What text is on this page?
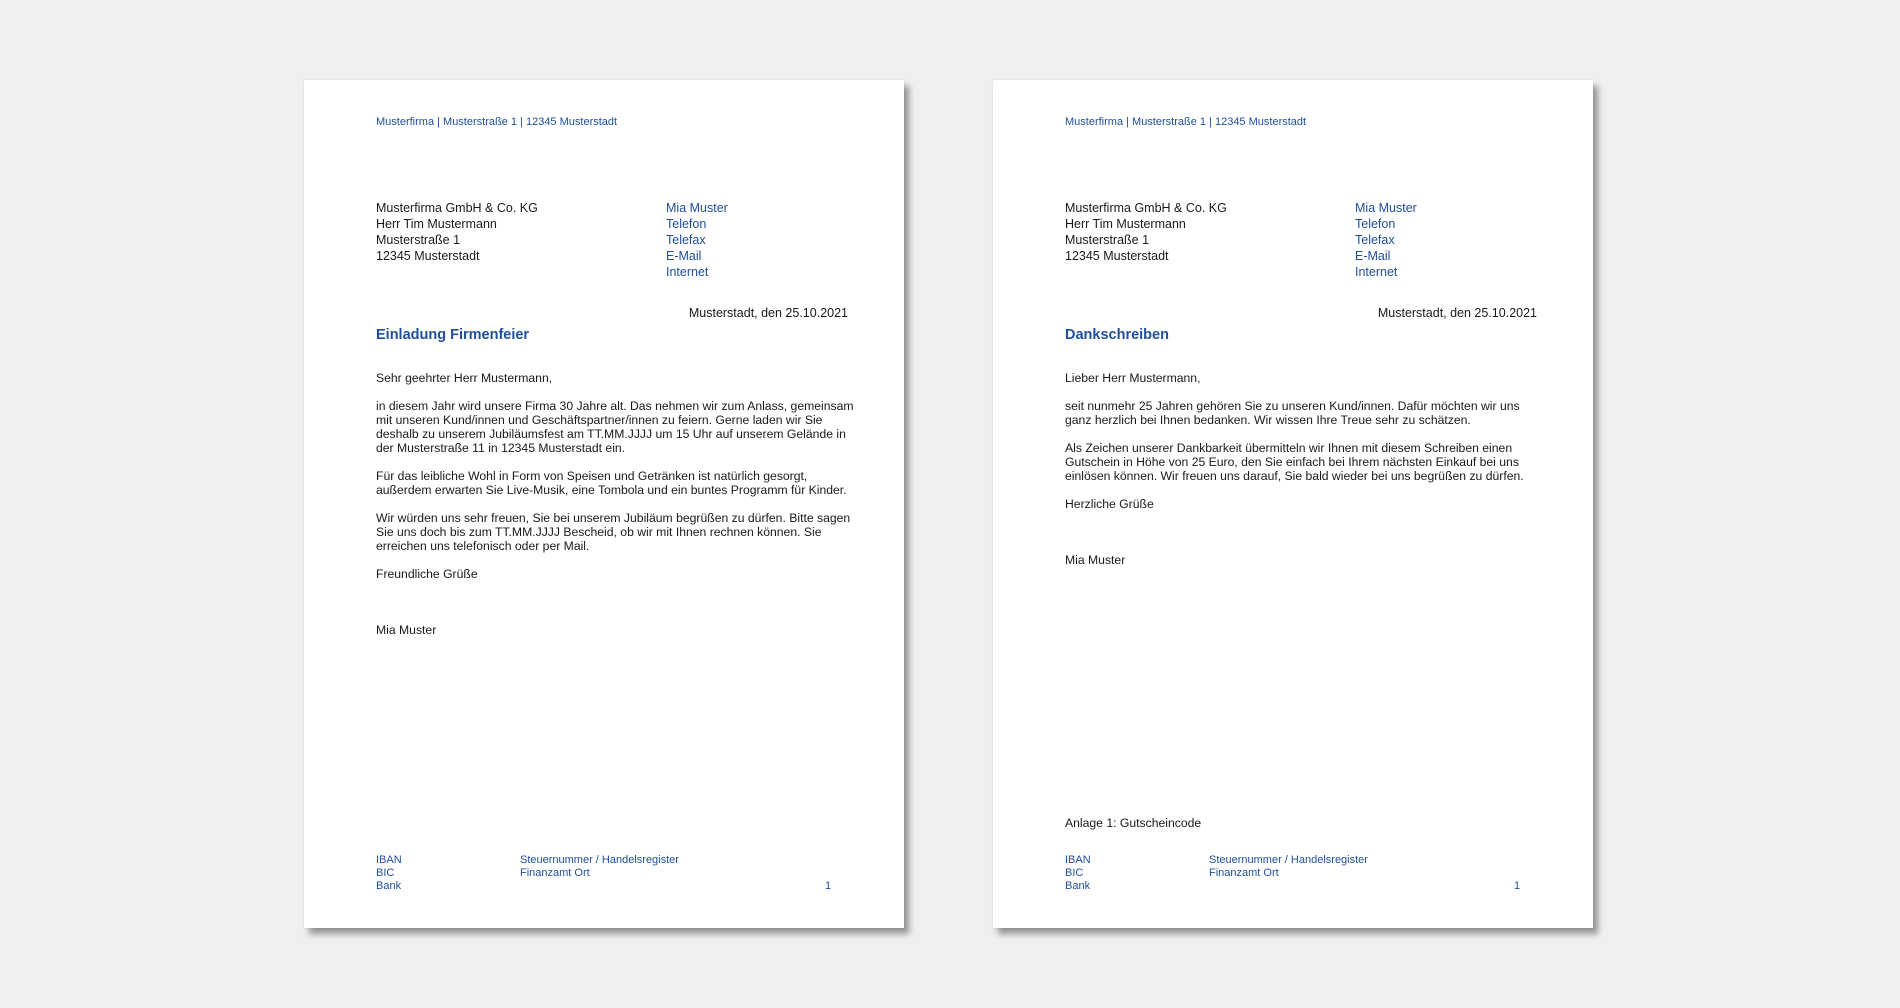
Musterfirma | Musterstraße 1 | 12345 Musterstadt
Musterfirma GmbH & Co. KG
Herr Tim Mustermann
Musterstraße 1
12345 Musterstadt
Mia Muster
Telefon
Telefax
E-Mail
Internet
Musterstadt, den 25.10.2021
Einladung Firmenfeier

Sehr geehrter Herr Mustermann,

in diesem Jahr wird unsere Firma 30 Jahre alt. Das nehmen wir zum Anlass, gemeinsam mit unseren Kund/innen und Geschäftspartner/innen zu feiern. Gerne laden wir Sie deshalb zu unserem Jubiläumsfest am TT.MM.JJJJ um 15 Uhr auf unserem Gelände in der Musterstraße 11 in 12345 Musterstadt ein.

Für das leibliche Wohl in Form von Speisen und Getränken ist natürlich gesorgt, außerdem erwarten Sie Live-Musik, eine Tombola und ein buntes Programm für Kinder.

Wir würden uns sehr freuen, Sie bei unserem Jubiläum begrüßen zu dürfen. Bitte sagen Sie uns doch bis zum TT.MM.JJJJ Bescheid, ob wir mit Ihnen rechnen können. Sie erreichen uns telefonisch oder per Mail.

Freundliche Grüße

Mia Muster

IBAN
BIC
Bank
Steuernummer / Handelsregister
Finanzamt Ort
1
Musterfirma | Musterstraße 1 | 12345 Musterstadt
Musterfirma GmbH & Co. KG
Herr Tim Mustermann
Musterstraße 1
12345 Musterstadt
Mia Muster
Telefon
Telefax
E-Mail
Internet
Musterstadt, den 25.10.2021
Dankschreiben

Lieber Herr Mustermann,

seit nunmehr 25 Jahren gehören Sie zu unseren Kund/innen. Dafür möchten wir uns ganz herzlich bei Ihnen bedanken. Wir wissen Ihre Treue sehr zu schätzen.

Als Zeichen unserer Dankbarkeit übermitteln wir Ihnen mit diesem Schreiben einen Gutschein in Höhe von 25 Euro, den Sie einfach bei Ihrem nächsten Einkauf bei uns einlösen können. Wir freuen uns darauf, Sie bald wieder bei uns begrüßen zu dürfen.

Herzliche Grüße

Mia Muster

Anlage 1: Gutscheincode
IBAN
BIC
Bank
Steuernummer / Handelsregister
Finanzamt Ort
1
